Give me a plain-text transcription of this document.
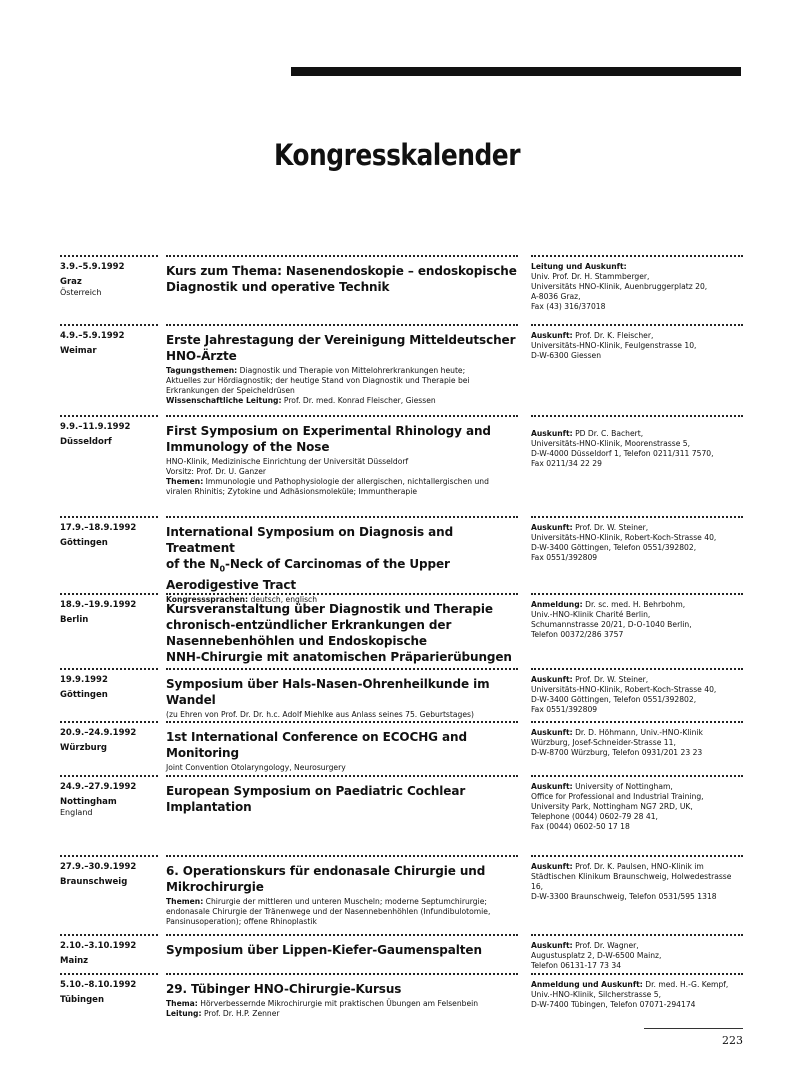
Kongresskalender
3.9.–5.9.1992
Graz
Österreich
Kurs zum Thema: Nasenendoskopie – endoskopische
Diagnostik und operative Technik
Leitung und Auskunft:
Univ. Prof. Dr. H. Stammberger,
Universitäts HNO-Klinik, Auenbruggerplatz 20,
A-8036 Graz,
Fax (43) 316/37018
4.9.–5.9.1992
Weimar
Erste Jahrestagung der Vereinigung Mitteldeutscher
HNO-Ärzte
Tagungsthemen: Diagnostik und Therapie von Mittelohrerkrankungen heute;
Aktuelles zur Hördiagnostik; der heutige Stand von Diagnostik und Therapie bei
Erkrankungen der Speicheldrüsen
Wissenschaftliche Leitung: Prof. Dr. med. Konrad Fleischer, Giessen
Auskunft: Prof. Dr. K. Fleischer,
Universitäts-HNO-Klinik, Feulgenstrasse 10,
D-W-6300 Giessen
9.9.–11.9.1992
Düsseldorf
First Symposium on Experimental Rhinology and
Immunology of the Nose
HNO-Klinik, Medizinische Einrichtung der Universität Düsseldorf
Vorsitz: Prof. Dr. U. Ganzer
Themen: Immunologie und Pathophysiologie der allergischen, nichtallergischen und
viralen Rhinitis; Zytokine und Adhäsionsmoleküle; Immuntherapie
Auskunft: PD Dr. C. Bachert,
Universitäts-HNO-Klinik, Moorenstrasse 5,
D-W-4000 Düsseldorf 1, Telefon 0211/311 7570,
Fax 0211/34 22 29
17.9.–18.9.1992
Göttingen
International Symposium on Diagnosis and Treatment
of the $N_0$-Neck of Carcinomas of the Upper
Aerodigestive Tract
Kongresssprachen: deutsch, englisch
Auskunft: Prof. Dr. W. Steiner,
Universitäts-HNO-Klinik, Robert-Koch-Strasse 40,
D-W-3400 Göttingen, Telefon 0551/392802,
Fax 0551/392809
18.9.–19.9.1992
Berlin
Kursveranstaltung über Diagnostik und Therapie
chronisch-entzündlicher Erkrankungen der
Nasennebenhöhlen und Endoskopische
NNH-Chirurgie mit anatomischen Präparierübungen
Anmeldung: Dr. sc. med. H. Behrbohm,
Univ.-HNO-Klinik Charité Berlin,
Schumannstrasse 20/21, D-O-1040 Berlin,
Telefon 00372/286 3757
19.9.1992
Göttingen
Symposium über Hals-Nasen-Ohrenheilkunde im
Wandel
(zu Ehren von Prof. Dr. Dr. h.c. Adolf Miehlke aus Anlass seines 75. Geburtstages)
Auskunft: Prof. Dr. W. Steiner,
Universitäts-HNO-Klinik, Robert-Koch-Strasse 40,
D-W-3400 Göttingen, Telefon 0551/392802,
Fax 0551/392809
20.9.–24.9.1992
Würzburg
1st International Conference on ECOCHG and
Monitoring
Joint Convention Otolaryngology, Neurosurgery
Auskunft: Dr. D. Höhmann, Univ.-HNO-Klinik
Würzburg, Josef-Schneider-Strasse 11,
D-W-8700 Würzburg, Telefon 0931/201 23 23
24.9.–27.9.1992
Nottingham
England
European Symposium on Paediatric Cochlear
Implantation
Auskunft: University of Nottingham,
Office for Professional and Industrial Training,
University Park, Nottingham NG7 2RD, UK,
Telephone (0044) 0602-79 28 41,
Fax (0044) 0602-50 17 18
27.9.–30.9.1992
Braunschweig
6. Operationskurs für endonasale Chirurgie und
Mikrochirurgie
Themen: Chirurgie der mittleren und unteren Muscheln; moderne Septumchirurgie;
endonasale Chirurgie der Tränenwege und der Nasennebenhöhlen (Infundibulotomie,
Pansinusoperation); offene Rhinoplastik
Auskunft: Prof. Dr. K. Paulsen, HNO-Klinik im
Städtischen Klinikum Braunschweig, Holwedestrasse 16,
D-W-3300 Braunschweig, Telefon 0531/595 1318
2.10.–3.10.1992
Mainz
Symposium über Lippen-Kiefer-Gaumenspalten	Auskunft: Prof. Dr. Wagner,
Augustusplatz 2, D-W-6500 Mainz,
Telefon 06131-17 73 34
5.10.–8.10.1992
Tübingen
29. Tübinger HNO-Chirurgie-Kursus
Thema: Hörverbessernde Mikrochirurgie mit praktischen Übungen am Felsenbein
Leitung: Prof. Dr. H.P. Zenner
Anmeldung und Auskunft: Dr. med. H.-G. Kempf,
Univ.-HNO-Klinik, Silcherstrasse 5,
D-W-7400 Tübingen, Telefon 07071-294174
223
